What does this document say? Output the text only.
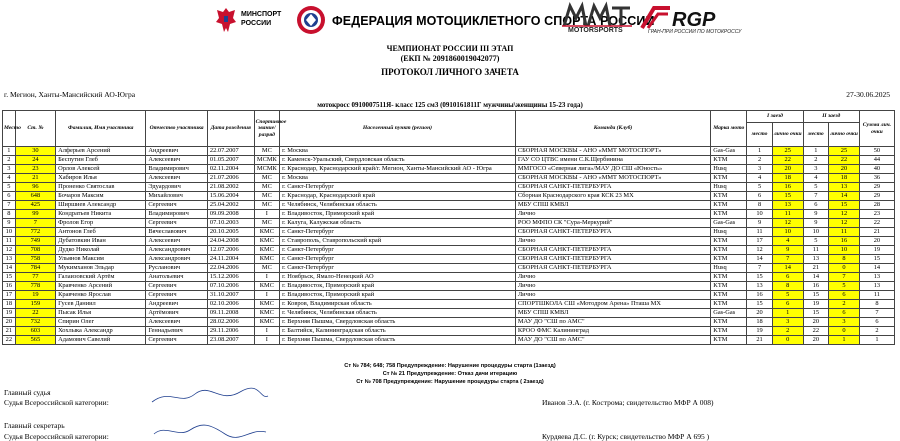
МИНСПОРТ
РОССИИ	ФЕДЕРАЦИЯ МОТОЦИКЛЕТНОГО СПОРТА РОССИИ
MOTORSPORTS RGP
ГРАН-ПРИ РОССИИ ПО МОТОКРОССУ
ЧЕМПИОНАТ РОССИИ III ЭТАП
(ЕКП № 2091860019042077)
ПРОТОКОЛ ЛИЧНОГО ЗАЧЕТА
г. Мегион, Ханты-Мансийский АО-Югра	27-30.06.2025
мотокросс 0910007511Я- класс 125 см3 (0910161811Г мужчины\женщины 15-23 года)
Место	Ст. №	Фамилия, Имя участника	Отчество участника	Дата рождения	Спортивное звание/разряд	Населенный пункт (регион)	Команда (Клуб)	Марка мото	I заезд		II заезд		Сумма лич. очки
									место	лично очки	место	лично очки	
1	30	Алферьев Арсений	Андреевич	22.07.2007	МС	г. Москва	СБОРНАЯ МОСКВЫ - АНО «ММТ МОТОСПОРТ»	Gas-Gas	1	25	1	25	50
2	24	Беспутин Глеб	Алексеевич	01.05.2007	МСМК	г. Каменск-Уральский, Свердловская область	ГАУ СО ЦТВС имени С.К.Щербинина	KTM	2	22	2	22	44
3	23	Орлов Алексей	Владимирович	02.11.2004	МСМК	г. Краснодар, Краснодарский край/г. Мегион, Ханты-Мансийский АО - Югра	ММГОСО «Северная лига»/МАУ ДО СШ «Юность»	Husq	3	20	3	20	40
4	21	Хабиров Илья	Алексеевич	21.07.2006	МС	г. Москва	СБОРНАЯ МОСКВЫ - АНО «ММТ МОТОСПОРТ»	KTM	4	18	4	18	36
5	96	Проненко Святослав	Эдуардович	21.08.2002	МС	г. Санкт-Петербург	СБОРНАЯ САНКТ-ПЕТЕРБУРГА	Husq	5	16	5	13	29
6	648	Бочаров Максим	Михайлович	15.06.2004	МС	г. Краснодар, Краснодарский край	Сборная Краснодарского края КСК 23 МХ	KTM	6	15	7	14	29
7	425	Ширшиев Александр	Сергеевич	25.04.2002	МС	г. Челябинск, Челябинская область	МБУ СПШ КМВЛ	KTM	8	13	6	15	28
8	99	Кондратьев Никита	Владимирович	09.09.2008	I	г. Владивосток, Приморский край	Лично	KTM	10	11	9	12	23
9	7	Фролов Егор	Сергеевич	07.10.2003	МС	г. Калуга, Калужская область	РОО МФПО СК "Сура-Меркурий"	Gas-Gas	9	12	9	12	22
10	772	Антонов Глеб	Вячеславович	20.10.2005	КМС	г. Санкт-Петербург	СБОРНАЯ САНКТ-ПЕТЕРБУРГА	Husq	11	10	10	11	21
11	749	Дубатовкин Иван	Алексеевич	24.04.2008	КМС	г. Ставрополь, Ставропольский край	Лично	KTM	17	4	5	16	20
12	708	Дудко Николай	Александрович	12.07.2006	КМС	г. Санкт-Петербург	СБОРНАЯ САНКТ-ПЕТЕРБУРГА	KTM	12	9	11	10	19
13	758	Ульянов Максим	Александрович	24.11.2004	КМС	г. Санкт-Петербург	СБОРНАЯ САНКТ-ПЕТЕРБУРГА	KTM	14	7	13	8	15
14	784	Мукимханов Эльдар	Русланович	22.04.2006	МС	г. Санкт-Петербург	СБОРНАЯ САНКТ-ПЕТЕРБУРГА	Husq	7	14	21	0	14
15	77	Галаизовский Артём	Анатольевич	15.12.2006	I	г. Ноябрьск, Ямало-Ненецкий АО	Лично	KTM	15	6	14	7	13
16	778	Кравченко Арсений	Сергеевич	07.10.2006	КМС	г. Владивосток, Приморский край	Лично	KTM	13	8	16	5	13
17	19	Кравченко Ярослав	Сергеевич	31.10.2007	I	г. Владивосток, Приморский край	Лично	KTM	16	5	15	6	11
18	159	Гусев Даниил	Андреевич	02.10.2006	КМС	г. Ковров, Владимирская область	СПОРТШКОЛА СШ «Мотодром Арена» Пташа МХ	KTM	15	6	19	2	8
19	22	Пысак Илья	Артёмович	09.11.2008	КМС	г. Челябинск, Челябинская область	МБУ СПШ КМВЛ	Gas-Gas	20	1	15	6	7
20	732	Спирин Олег	Алексеевич	28.02.2006	КМС	г. Верхняя Пышма, Свердловская область	МАУ ДО "СШ по АМС"	KTM	18	3	20	3	6
21	603	Хохлыка Александр	Геннадьевич	29.11.2006	I	г. Балтийск, Калининградская область	КРОО ФМС Калининград	KTM	19	2	22	0	2
22	565	Адамович Савелий	Сергеевич	23.08.2007	I	г. Верхняя Пышма, Свердловская область	МАУ ДО "СШ по АМС"	KTM	21	0	20	1	1
Ст № 784; 648; 758 Предупреждение: Нарушение процедуры старта (1заезд)
Ст № 21 Предупреждение: Отказ дачи итерацию
Ст № 708 Предупреждение: Нарушение процедуры старта ( 2заезд)
Главный судья
Судья Всероссийской категории:	Иванов Э.А. (г. Кострома; свидетельство МФР А 008)
Главный секретарь
Судья Всероссийской категории:	Курдяева Д.С. (г. Курск; свидетельство МФР А 695 )
